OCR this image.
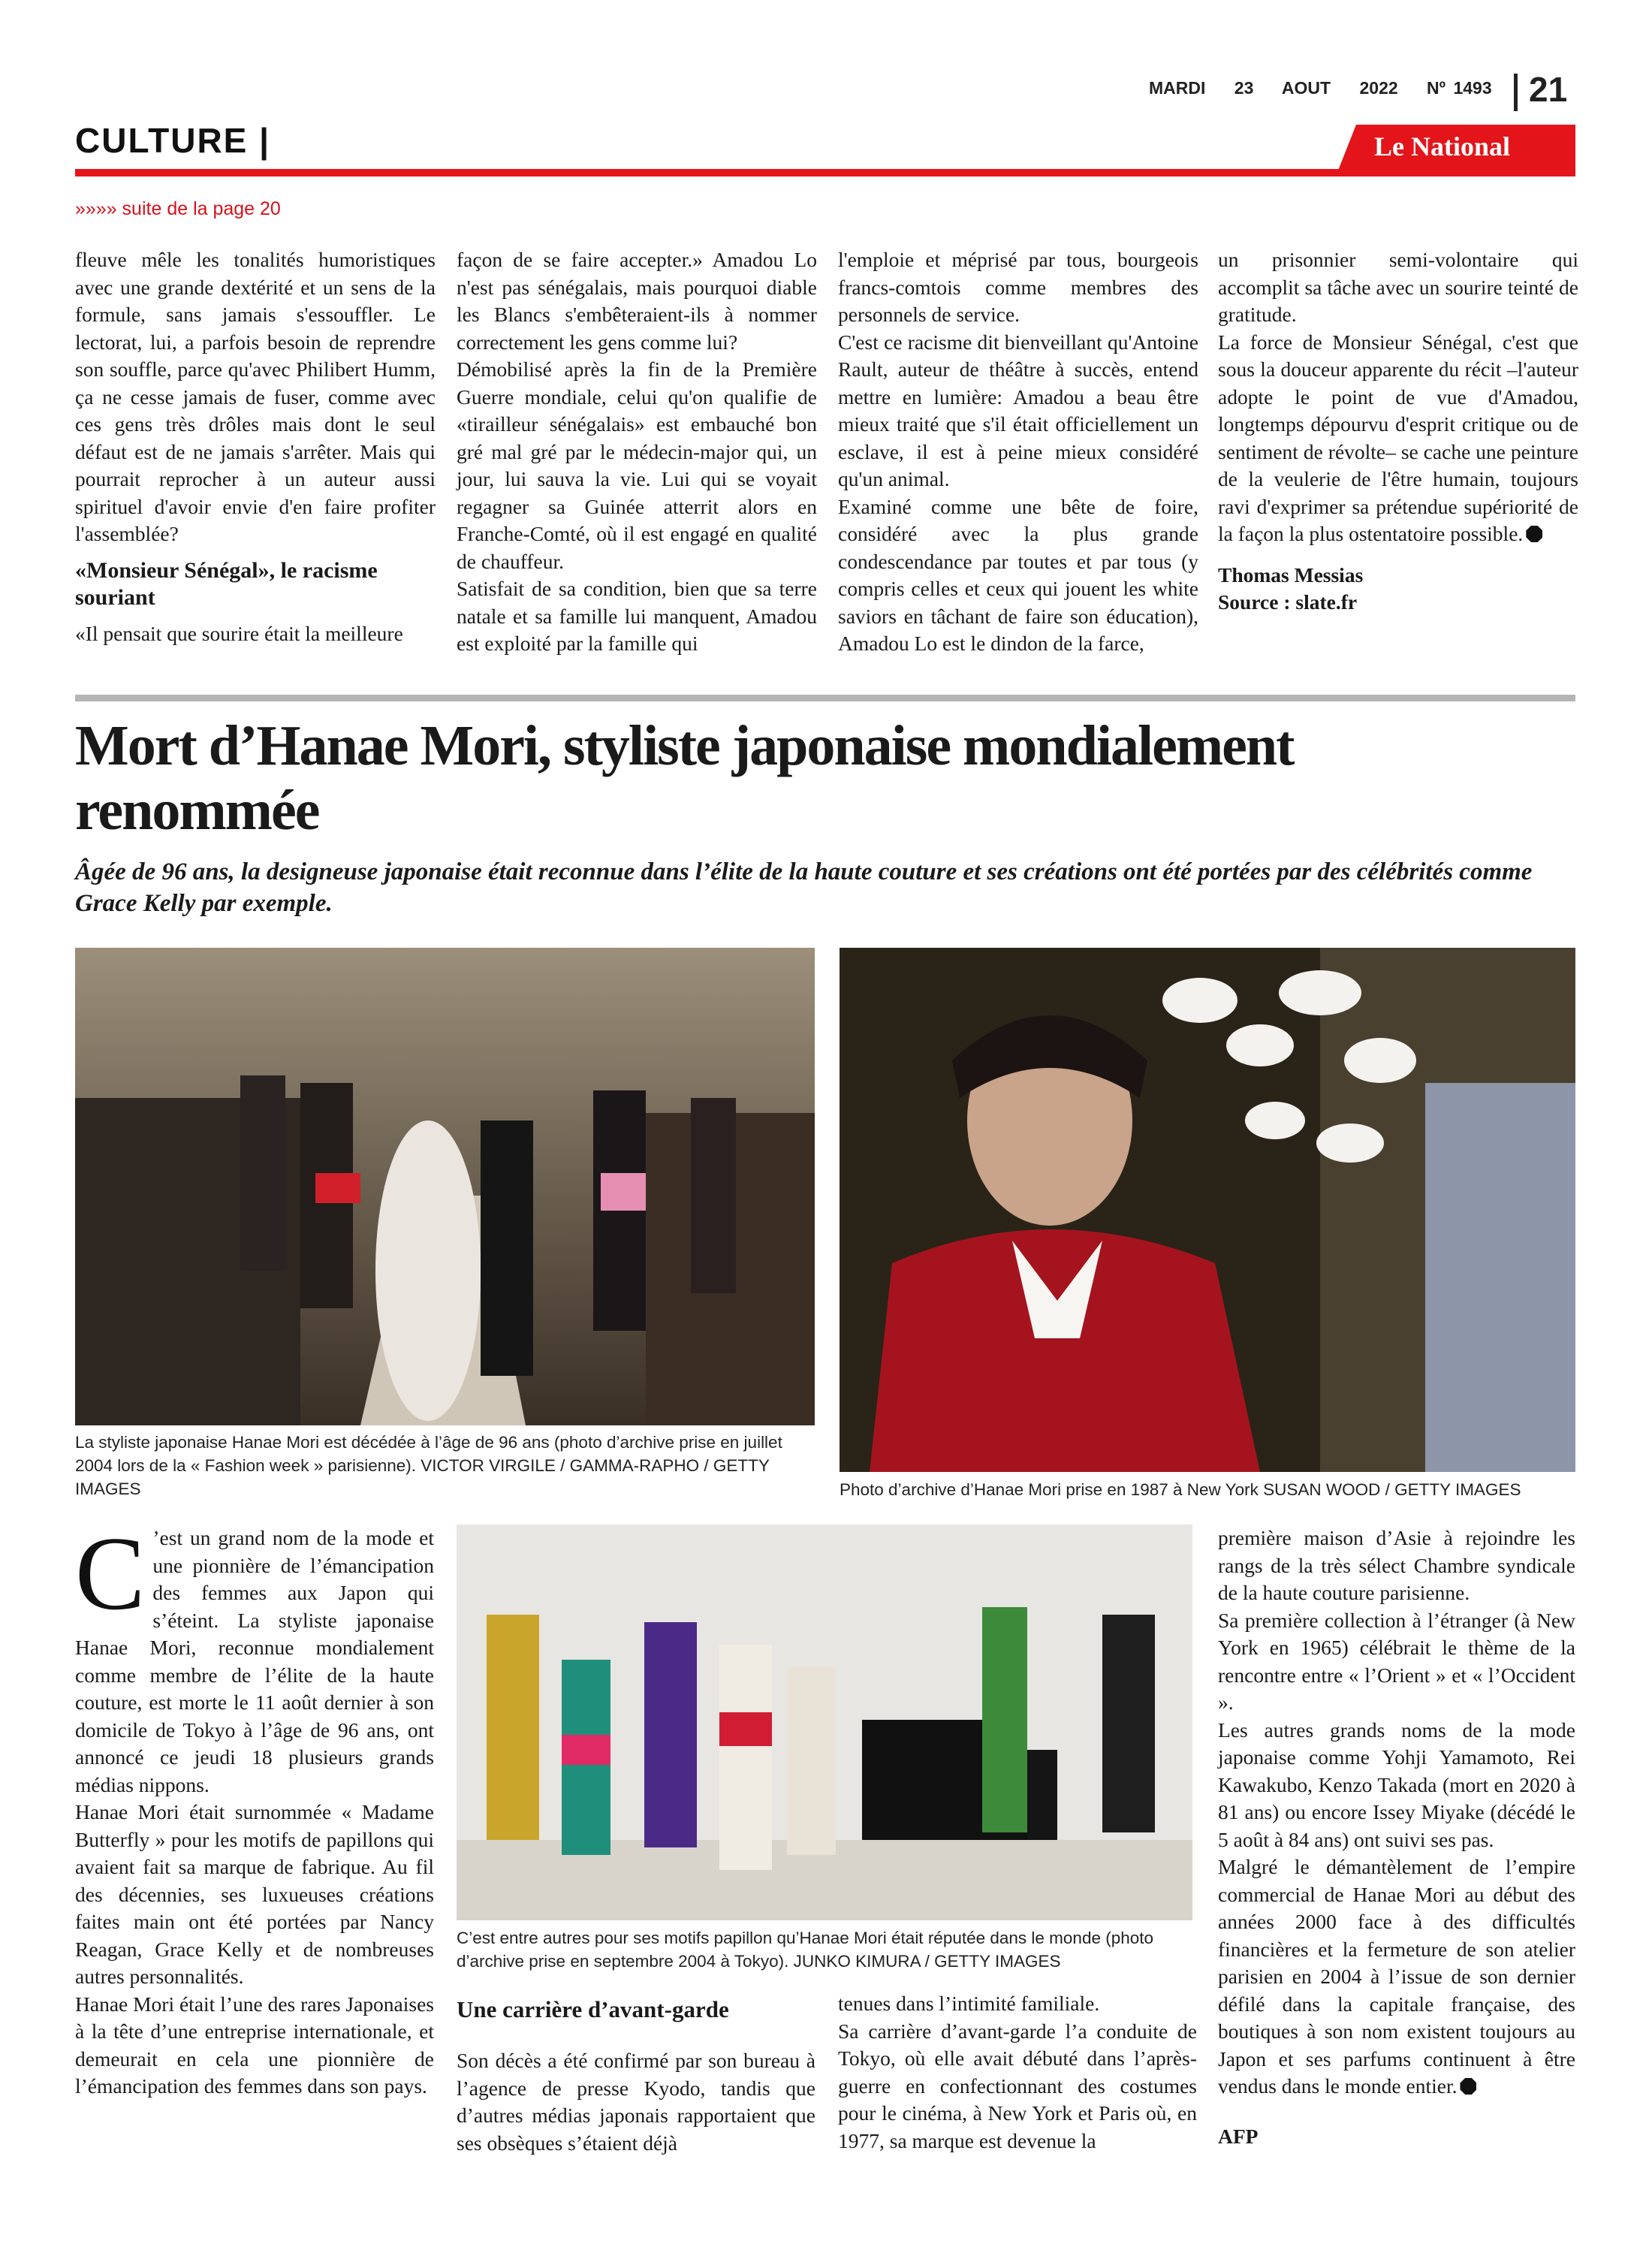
MARDI 23 AOUT 2022 Nº 1493	21
CULTURE |	Le National
»»»» suite de la page 20

fleuve mêle les tonalités humoristiques avec une grande dextérité et un sens de la formule, sans jamais s'essouffler. Le lectorat, lui, a parfois besoin de reprendre son souffle, parce qu'avec Philibert Humm, ça ne cesse jamais de fuser, comme avec ces gens très drôles mais dont le seul défaut est de ne jamais s'arrêter. Mais qui pourrait reprocher à un auteur aussi spirituel d'avoir envie d'en faire profiter l'assemblée?

«Monsieur Sénégal», le racisme souriant

«Il pensait que sourire était la meilleure

façon de se faire accepter.» Amadou Lo n'est pas sénégalais, mais pourquoi diable les Blancs s'embêteraient-ils à nommer correctement les gens comme lui?

Démobilisé après la fin de la Première Guerre mondiale, celui qu'on qualifie de «tirailleur sénégalais» est embauché bon gré mal gré par le médecin-major qui, un jour, lui sauva la vie. Lui qui se voyait regagner sa Guinée atterrit alors en Franche-Comté, où il est engagé en qualité de chauffeur.

Satisfait de sa condition, bien que sa terre natale et sa famille lui manquent, Amadou est exploité par la famille qui

l'emploie et méprisé par tous, bourgeois francs-comtois comme membres des personnels de service.

C'est ce racisme dit bienveillant qu'Antoine Rault, auteur de théâtre à succès, entend mettre en lumière: Amadou a beau être mieux traité que s'il était officiellement un esclave, il est à peine mieux considéré qu'un animal.

Examiné comme une bête de foire, considéré avec la plus grande condescendance par toutes et par tous (y compris celles et ceux qui jouent les white saviors en tâchant de faire son éducation), Amadou Lo est le dindon de la farce,

un prisonnier semi-volontaire qui accomplit sa tâche avec un sourire teinté de gratitude.

La force de Monsieur Sénégal, c'est que sous la douceur apparente du récit –l'auteur adopte le point de vue d'Amadou, longtemps dépourvu d'esprit critique ou de sentiment de révolte– se cache une peinture de la veulerie de l'être humain, toujours ravi d'exprimer sa prétendue supériorité de la façon la plus ostentatoire possible.

Thomas Messias

Source : slate.fr

Mort d’Hanae Mori, styliste japonaise mondialement renommée

Âgée de 96 ans, la designeuse japonaise était reconnue dans l’élite de la haute couture et ses créations ont été portées par des célébrités comme Grace Kelly par exemple.

La styliste japonaise Hanae Mori est décédée à l’âge de 96 ans (photo d’archive prise en juillet 2004 lors de la « Fashion week » parisienne). VICTOR VIRGILE / GAMMA-RAPHO / GETTY IMAGES	Photo d’archive d’Hanae Mori prise en 1987 à New York SUSAN WOOD / GETTY IMAGES
C’est entre autres pour ses motifs papillon qu’Hanae Mori était réputée dans le monde (photo d’archive prise en septembre 2004 à Tokyo). JUNKO KIMURA / GETTY IMAGES

C ’est un grand nom de la mode et une pionnière de l’émancipation des femmes aux Japon qui s’éteint. La styliste japonaise Hanae Mori, reconnue mondialement comme membre de l’élite de la haute couture, est morte le 11 août dernier à son domicile de Tokyo à l’âge de 96 ans, ont annoncé ce jeudi 18 plusieurs grands médias nippons.

Hanae Mori était surnommée « Madame Butterfly » pour les motifs de papillons qui avaient fait sa marque de fabrique. Au fil des décennies, ses luxueuses créations faites main ont été portées par Nancy Reagan, Grace Kelly et de nombreuses autres personnalités.

Hanae Mori était l’une des rares Japonaises à la tête d’une entreprise internationale, et demeurait en cela une pionnière de l’émancipation des femmes dans son pays.

Une carrière d’avant-garde

Son décès a été confirmé par son bureau à l’agence de presse Kyodo, tandis que d’autres médias japonais rapportaient que ses obsèques s’étaient déjà

tenues dans l’intimité familiale.

Sa carrière d’avant-garde l’a conduite de Tokyo, où elle avait débuté dans l’après-guerre en confectionnant des costumes pour le cinéma, à New York et Paris où, en 1977, sa marque est devenue la

première maison d’Asie à rejoindre les rangs de la très sélect Chambre syndicale de la haute couture parisienne.

Sa première collection à l’étranger (à New York en 1965) célébrait le thème de la rencontre entre « l’Orient » et « l’Occident ».

Les autres grands noms de la mode japonaise comme Yohji Yamamoto, Rei Kawakubo, Kenzo Takada (mort en 2020 à 81 ans) ou encore Issey Miyake (décédé le 5 août à 84 ans) ont suivi ses pas.

Malgré le démantèlement de l’empire commercial de Hanae Mori au début des années 2000 face à des difficultés financières et la fermeture de son atelier parisien en 2004 à l’issue de son dernier défilé dans la capitale française, des boutiques à son nom existent toujours au Japon et ses parfums continuent à être vendus dans le monde entier.

AFP
